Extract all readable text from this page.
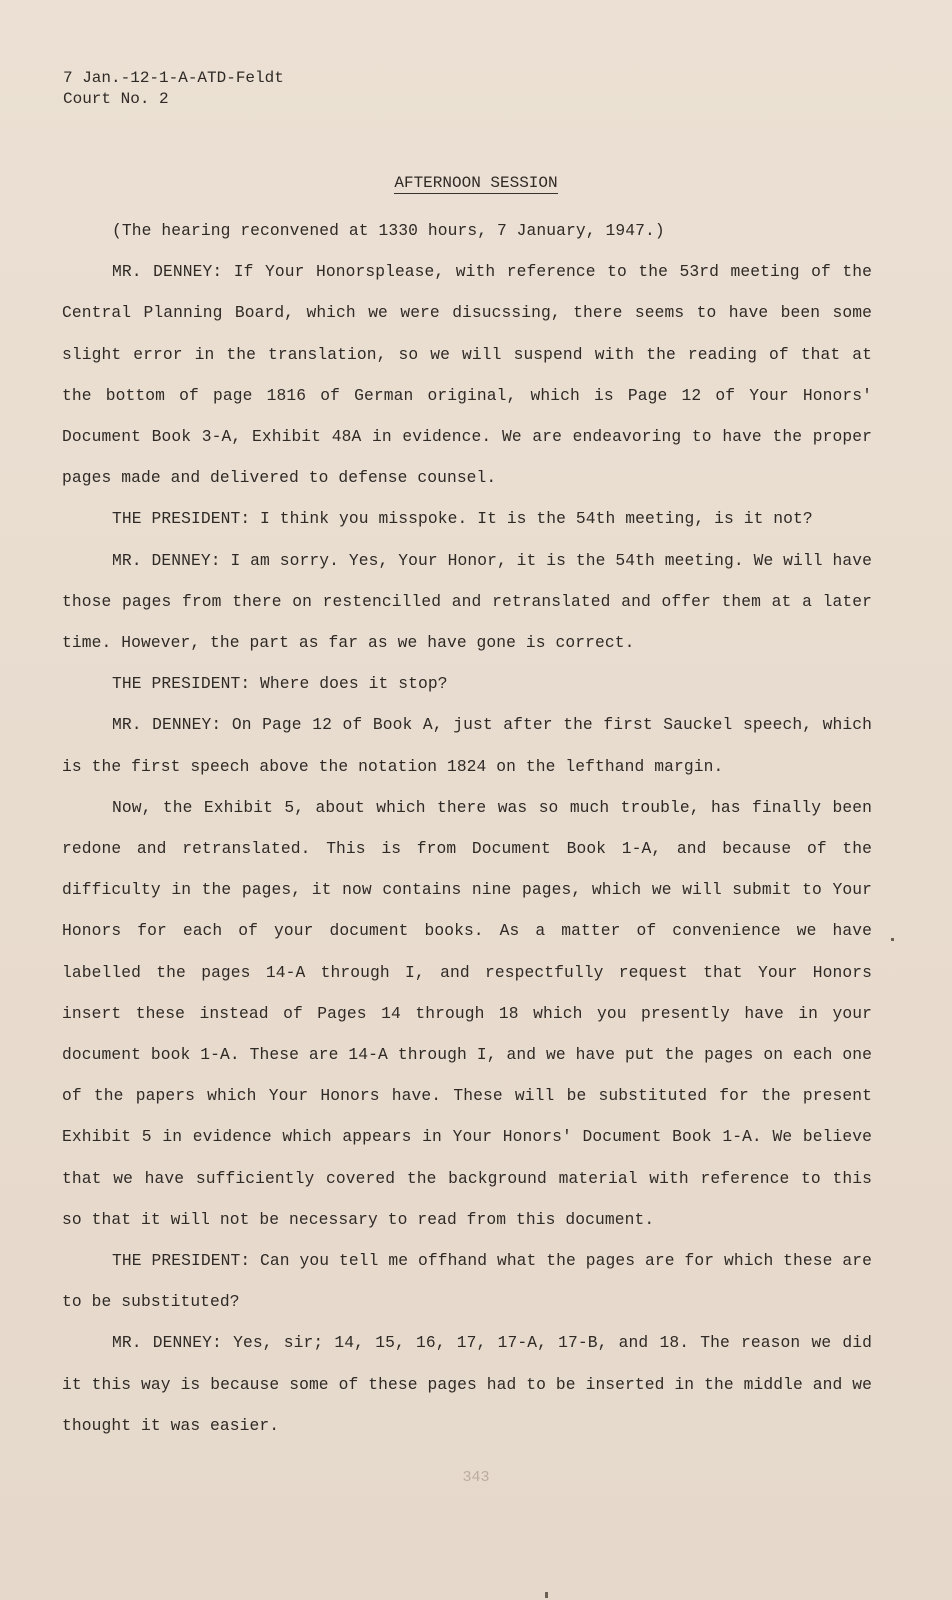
7 Jan.-12-1-A-ATD-Feldt
Court No. 2
AFTERNOON SESSION

(The hearing reconvened at 1330 hours, 7 January, 1947.)

MR. DENNEY: If Your Honorsplease, with reference to the 53rd meeting of the Central Planning Board, which we were disucssing, there seems to have been some slight error in the translation, so we will suspend with the reading of that at the bottom of page 1816 of German original, which is Page 12 of Your Honors' Document Book 3-A, Exhibit 48A in evidence. We are endeavoring to have the proper pages made and delivered to defense counsel.

THE PRESIDENT: I think you misspoke. It is the 54th meeting, is it not?

MR. DENNEY: I am sorry. Yes, Your Honor, it is the 54th meeting. We will have those pages from there on restencilled and retranslated and offer them at a later time. However, the part as far as we have gone is correct.

THE PRESIDENT: Where does it stop?

MR. DENNEY: On Page 12 of Book A, just after the first Sauckel speech, which is the first speech above the notation 1824 on the lefthand margin.

Now, the Exhibit 5, about which there was so much trouble, has finally been redone and retranslated. This is from Document Book 1-A, and because of the difficulty in the pages, it now contains nine pages, which we will submit to Your Honors for each of your document books. As a matter of convenience we have labelled the pages 14-A through I, and respectfully request that Your Honors insert these instead of Pages 14 through 18 which you presently have in your document book 1-A. These are 14-A through I, and we have put the pages on each one of the papers which Your Honors have. These will be substituted for the present Exhibit 5 in evidence which appears in Your Honors' Document Book 1-A. We believe that we have sufficiently covered the background material with reference to this so that it will not be necessary to read from this document.

THE PRESIDENT: Can you tell me offhand what the pages are for which these are to be substituted?

MR. DENNEY: Yes, sir; 14, 15, 16, 17, 17-A, 17-B, and 18. The reason we did it this way is because some of these pages had to be inserted in the middle and we thought it was easier.

343
